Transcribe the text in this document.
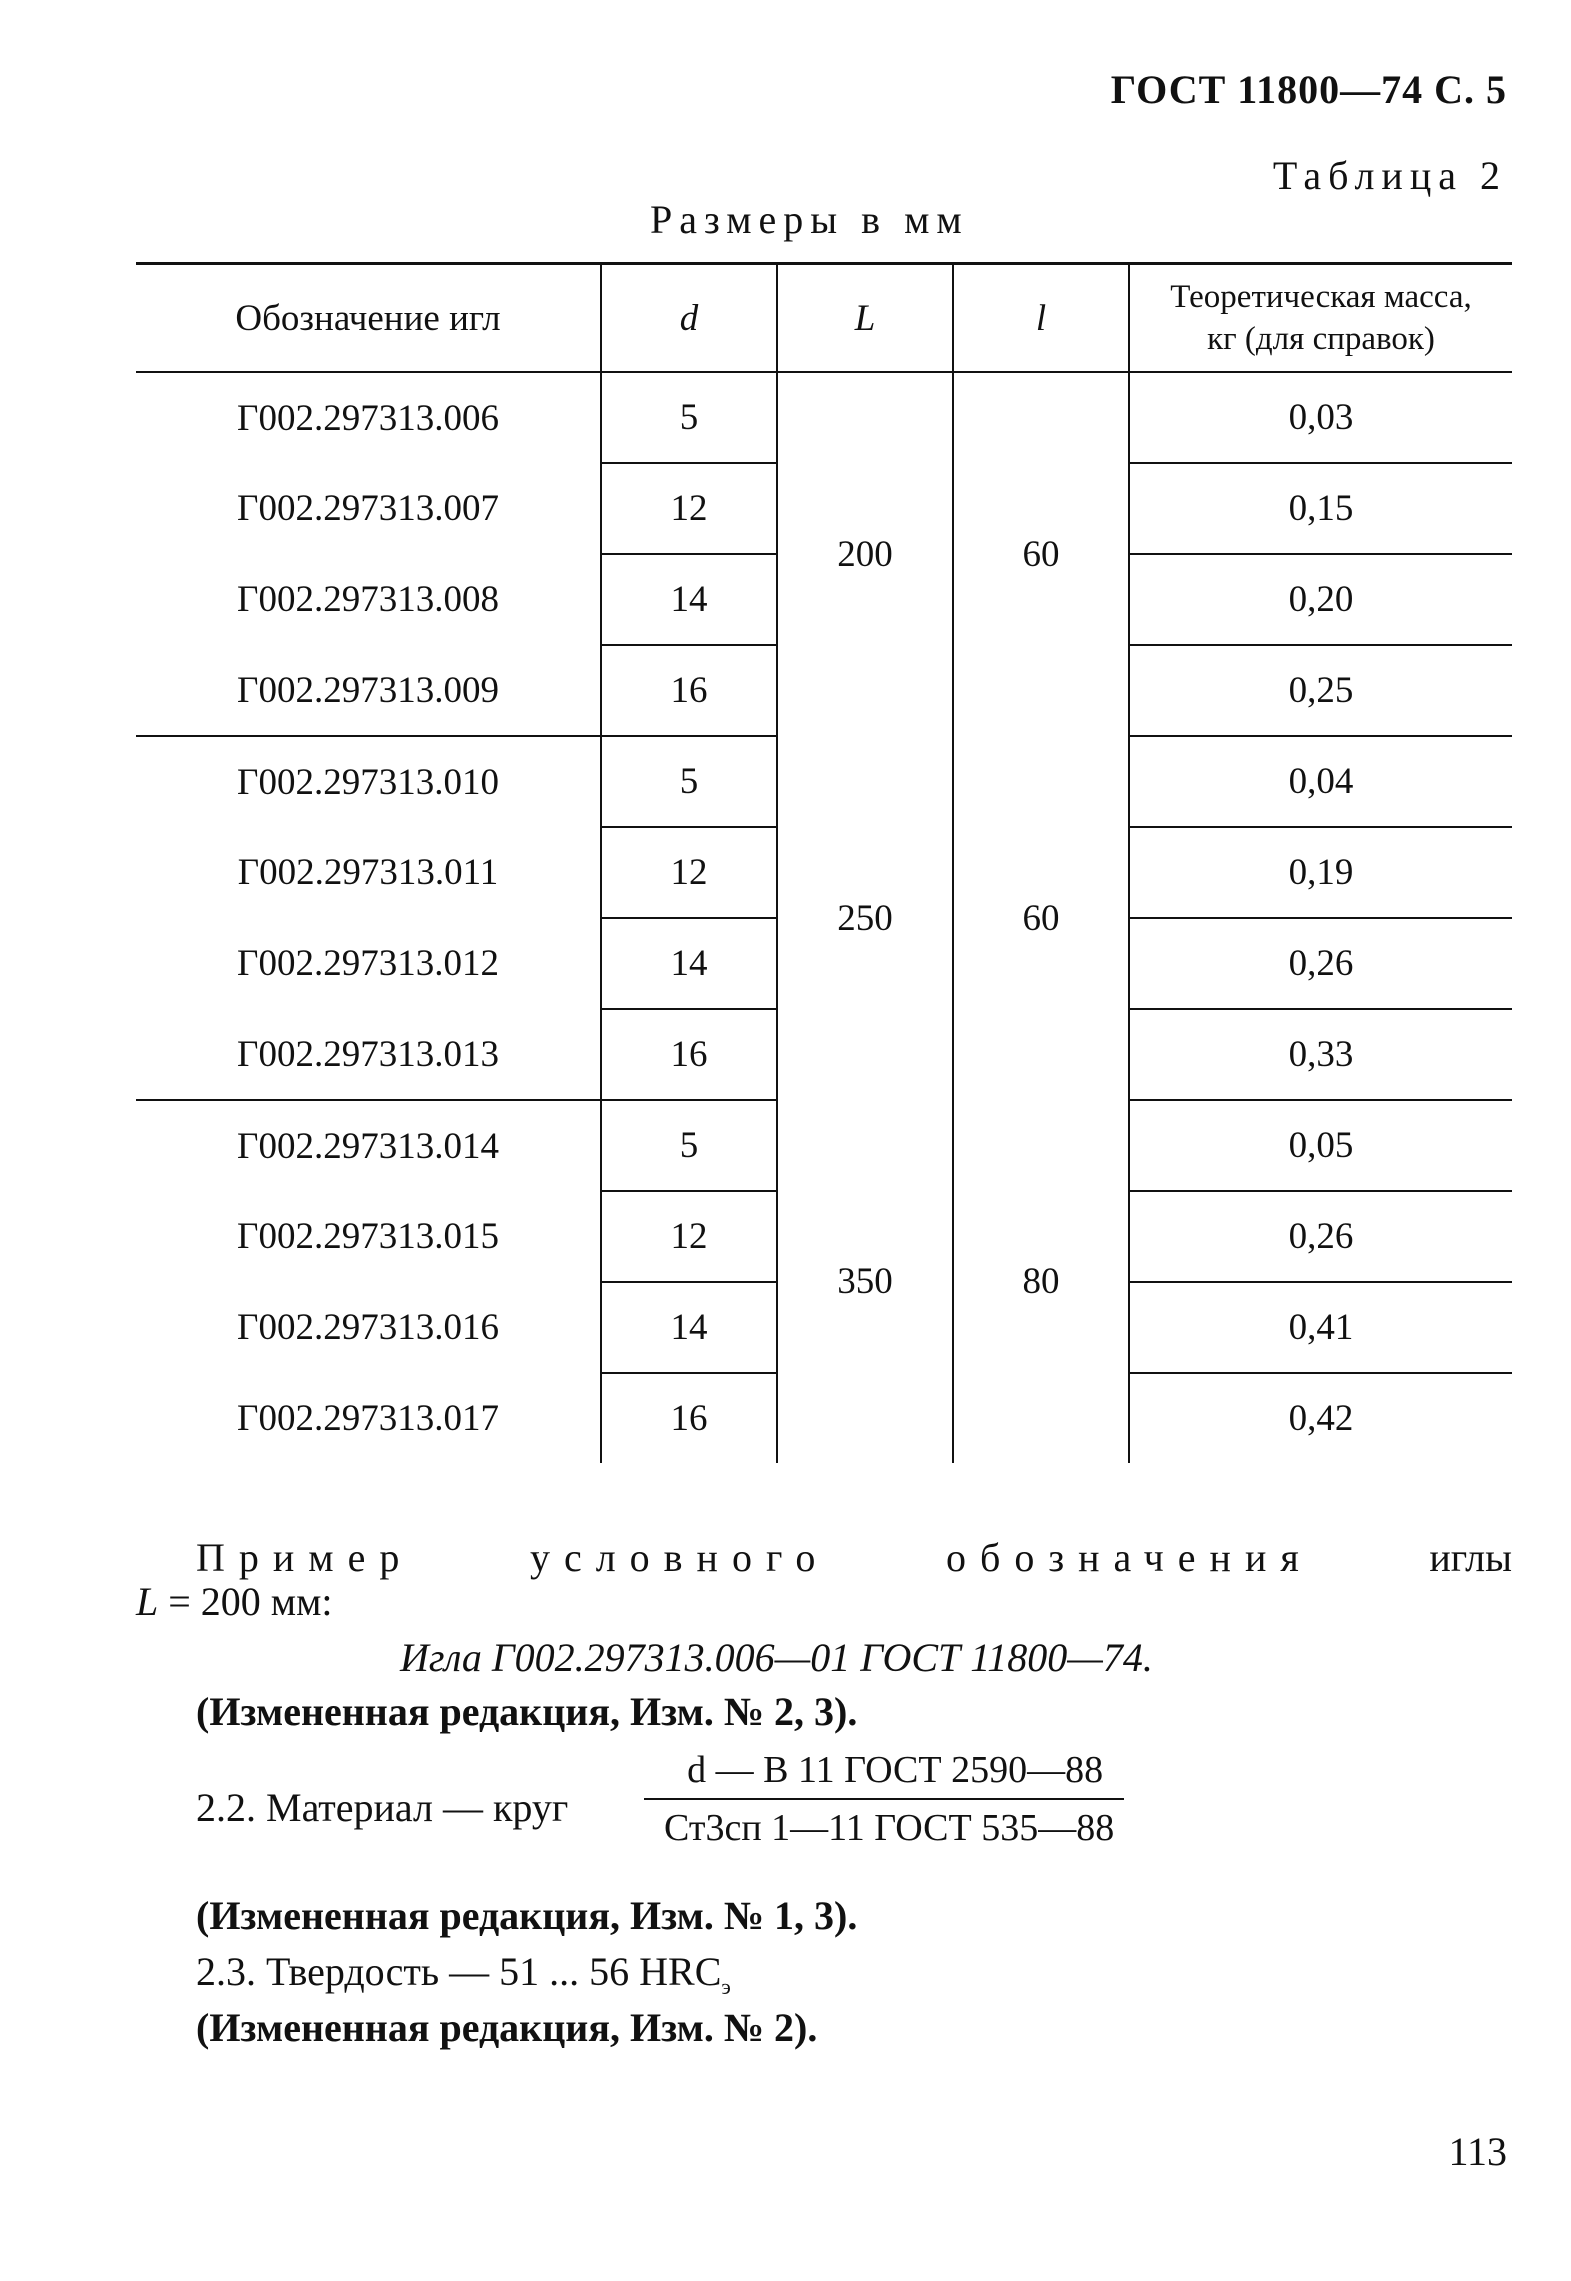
ГОСТ 11800—74 С. 5
Таблица 2
Размеры в мм
Обозначение игл	d	L	l	Теоретическая масса,
кг (для справок)
Г002.297313.006	5	200	60	0,03
Г002.297313.007	12			0,15
Г002.297313.008	14			0,20
Г002.297313.009	16			0,25
Г002.297313.010	5	250	60	0,04
Г002.297313.011	12			0,19
Г002.297313.012	14			0,26
Г002.297313.013	16			0,33
Г002.297313.014	5	350	80	0,05
Г002.297313.015	12			0,26
Г002.297313.016	14			0,41
Г002.297313.017	16			0,42
Пример	условного	обозначения	иглы
L = 200 мм:
Игла Г002.297313.006—01 ГОСТ 11800—74.
(Измененная редакция, Изм. № 2, 3).
2.2. Материал — круг
d — В 11 ГОСТ 2590—88
Ст3сп 1—11 ГОСТ 535—88
(Измененная редакция, Изм. № 1, 3).
2.3. Твердость — 51 ... 56 $HRC_э$
(Измененная редакция, Изм. № 2).
113
